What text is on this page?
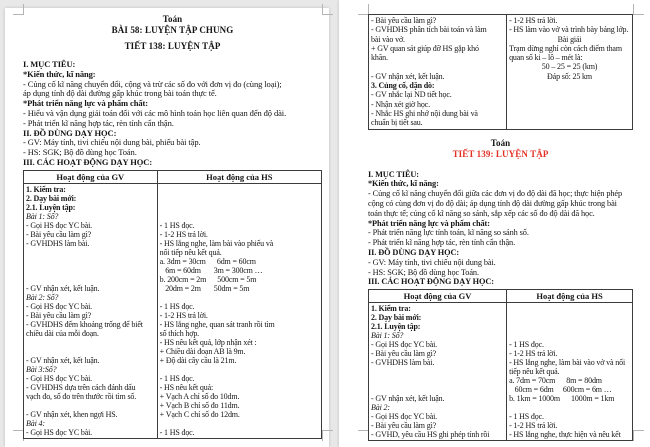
Toán
BÀI 58: LUYỆN TẬP CHUNG
TIẾT 138: LUYỆN TẬP
I. MỤC TIÊU:
*Kiến thức, kĩ năng:
- Củng cố kĩ năng chuyển đổi, cộng và trừ các số đo với đơn vị đo (cùng loại);
áp dụng tính độ dài đường gấp khúc trong bài toán thực tế.
*Phát triển năng lực và phẩm chất:
- Hiểu và vận dụng giải toán đối với các mô hình toán học liên quan đến độ dài.
- Phát triển kĩ năng hợp tác, rèn tính cẩn thận.
II. ĐỒ DÙNG DẠY HỌC:
- GV: Máy tính, tivi chiếu nội dung bài, phiếu bài tập.
- HS: SGK; Bộ đồ dùng học Toán.
III. CÁC HOẠT ĐỘNG DẠY HỌC:
Hoạt động của GV	Hoạt động của HS
1. Kiểm tra:
2. Dạy bài mới:
2.1. Luyện tập:
Bài 1: Số?
- Gọi HS đọc YC bài.
- Bài yêu cầu làm gì?
- GVHDHS làm bài.

- GV nhận xét, kết luận.
Bài 2: Số?
- Gọi HS đọc YC bài.
- Bài yêu cầu làm gì?
- GVHDHS đếm khoảng trống để biết
chiều dài của mỗi đoạn.

- GV nhận xét, kết luận.
Bài 3:Số?
- Gọi HS đọc YC bài.
- GVHDHS dựa trên cách đánh dấu
vạch đo, số đo trên thước rồi tìm số.

- GV nhận xét, khen ngợi HS.
Bài 4:
- Gọi HS đọc YC bài.

- 1 HS đọc.
- 1-2 HS trả lời.
- HS lắng nghe, làm bài vào phiếu và
nối tiếp nêu kết quả.
a. 3dm = 30cm      6dm = 60cm
6m = 60dm       3m = 300cm …
b. 200cm = 2m      500cm = 5m
20dm = 2m       50dm = 5m

- 1 HS đọc.
- 1-2 HS trả lời.
- HS lắng nghe, quan sát tranh rồi tìm
số thích hợp.
- HS nêu kết quả, lớp nhận xét :
+ Chiều dài đoạn AB là 9m.
+ Độ dài cây cầu là 21m.

- 1 HS đọc.
- HS nêu kết quả:
+ Vạch A chỉ số đo 10dm.
+ Vạch B chỉ số đo 11dm.
+ Vạch C chỉ số đo 12dm.

- 1 HS đọc.
- Bài yêu cầu làm gì?
- GVHDHS phân tích bài toán và làm
bài vào vở.
+ GV quan sát giúp đỡ HS gặp khó
khăn.

- GV nhận xét, kết luận.
3. Củng cố, dặn dò:
- GV nhắc lại ND tiết học.
- Nhận xét giờ học.
- Nhắc HS ghi nhớ nội dung bài và
chuẩn bị tiết sau.
- 1-2 HS trả lời.
- HS làm vào vở và trình bày bảng lớp.
Bài giải
Trạm dừng nghỉ còn cách điểm tham
quan số ki – lô – mét là:
50 – 25 = 25 (km)
Đáp số: 25 km
Toán
TIẾT 139: LUYỆN TẬP
I. MỤC TIÊU:
*Kiến thức, kĩ năng:
- Củng cố kĩ năng chuyển đổi giữa các đơn vị đo độ dài đã học; thực hiện phép
cộng có cùng đơn vị đo độ dài; áp dụng tính độ dài đường gấp khúc trong bài
toán thực tế; củng cố kĩ năng so sánh, sắp xếp các số đo độ dài đã học.
*Phát triển năng lực và phẩm chất:
- Phát triển năng lực tính toán, kĩ năng so sánh số.
- Phát triển kĩ năng hợp tác, rèn tính cẩn thận.
II. ĐỒ DÙNG DẠY HỌC:
- GV: Máy tính, tivi chiếu nội dung bài.
- HS: SGK; Bộ đồ dùng học Toán.
III. CÁC HOẠT ĐỘNG DẠY HỌC:
Hoạt động của GV	Hoạt động của HS
1. Kiểm tra:
2. Dạy bài mới:
2.1. Luyện tập:
Bài 1: Số?
- Gọi HS đọc YC bài.
- Bài yêu cầu làm gì?
- GVHDHS làm bài.

- GV nhận xét, kết luận.
Bài 2:
- Gọi HS đọc YC bài.
- Bài yêu cầu làm gì?
- GVHD, yêu cầu HS ghi phép tính rồi

- 1 HS đọc.
- 1-2 HS trả lời.
- HS lắng nghe, làm bài vào vở và nối
tiếp nêu kết quả.
a. 7dm = 70cm      8m = 80dm
60cm = 6dm     600cm = 6m …
b. 1km = 1000m      1000m = 1km

- 1 HS đọc.
- 1-2 HS trả lời.
- HS lắng nghe, thực hiện và nêu kết
